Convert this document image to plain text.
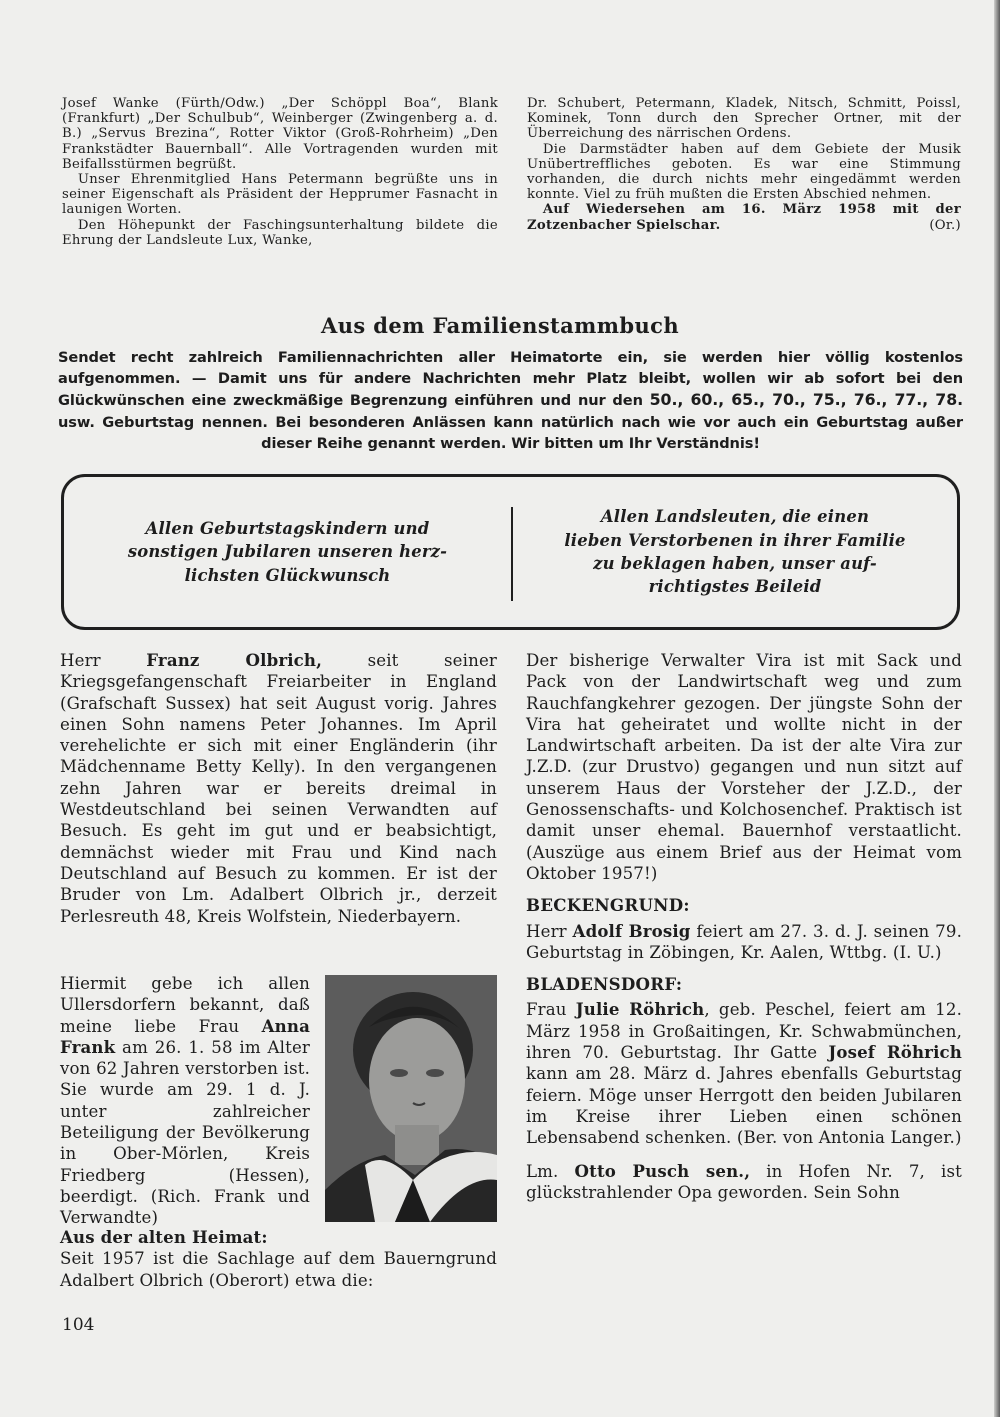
Josef Wanke (Fürth/Odw.) „Der Schöppl Boa“, Blank (Frankfurt) „Der Schulbub“, Weinberger (Zwingenberg a. d. B.) „Servus Brezina“, Rotter Viktor (Groß-Rohrheim) „Den Frankstädter Bauernball“. Alle Vortragenden wurden mit Beifallsstürmen begrüßt.

Unser Ehrenmitglied Hans Petermann begrüßte uns in seiner Eigenschaft als Präsident der Hepprumer Fasnacht in launigen Worten.

Den Höhepunkt der Faschingsunterhaltung bildete die Ehrung der Landsleute Lux, Wanke,

Dr. Schubert, Petermann, Kladek, Nitsch, Schmitt, Poissl, Kominek, Tonn durch den Sprecher Ortner, mit der Überreichung des närrischen Ordens.

Die Darmstädter haben auf dem Gebiete der Musik Unübertreffliches geboten. Es war eine Stimmung vorhanden, die durch nichts mehr eingedämmt werden konnte. Viel zu früh mußten die Ersten Abschied nehmen.

Auf Wiedersehen am 16. März 1958 mit der Zotzenbacher Spielschar.	(Or.)

Aus dem Familienstammbuch
Sendet recht zahlreich Familiennachrichten aller Heimatorte ein, sie werden hier völlig kostenlos aufgenommen. — Damit uns für andere Nachrichten mehr Platz bleibt, wollen wir ab sofort bei den Glückwünschen eine zweckmäßige Begrenzung einführen und nur den 50., 60., 65., 70., 75., 76., 77., 78. usw. Geburtstag nennen. Bei besonderen Anlässen kann natürlich nach wie vor auch ein Geburtstag außer dieser Reihe genannt werden. Wir bitten um Ihr Verständnis!
Allen Geburtstagskindern und
sonstigen Jubilaren unseren herz-
lichsten Glückwunsch
Allen Landsleuten, die einen
lieben Verstorbenen in ihrer Familie
zu beklagen haben, unser auf-
richtigstes Beileid

Herr Franz Olbrich, seit seiner Kriegsgefangenschaft Freiarbeiter in England (Grafschaft Sussex) hat seit August vorig. Jahres einen Sohn namens Peter Johannes. Im April verehelichte er sich mit einer Engländerin (ihr Mädchenname Betty Kelly). In den vergangenen zehn Jahren war er bereits dreimal in Westdeutschland bei seinen Verwandten auf Besuch. Es geht im gut und er beabsichtigt, demnächst wieder mit Frau und Kind nach Deutschland auf Besuch zu kommen. Er ist der Bruder von Lm. Adalbert Olbrich jr., derzeit Perlesreuth 48, Kreis Wolfstein, Niederbayern.

Hiermit gebe ich allen Ullersdorfern bekannt, daß meine liebe Frau Anna Frank am 26. 1. 58 im Alter von 62 Jahren verstorben ist. Sie wurde am 29. 1 d. J. unter zahlreicher Beteiligung der Bevölkerung in Ober-Mörlen, Kreis Friedberg (Hessen), beerdigt. (Rich. Frank und Verwandte)

Aus der alten Heimat:

Seit 1957 ist die Sachlage auf dem Bauerngrund Adalbert Olbrich (Oberort) etwa die:

Der bisherige Verwalter Vira ist mit Sack und Pack von der Landwirtschaft weg und zum Rauchfangkehrer gezogen. Der jüngste Sohn der Vira hat geheiratet und wollte nicht in der Landwirtschaft arbeiten. Da ist der alte Vira zur J.Z.D. (zur Drustvo) gegangen und nun sitzt auf unserem Haus der Vorsteher der J.Z.D., der Genossenschafts- und Kolchosenchef. Praktisch ist damit unser ehemal. Bauernhof verstaatlicht. (Auszüge aus einem Brief aus der Heimat vom Oktober 1957!)

BECKENGRUND:

Herr Adolf Brosig feiert am 27. 3. d. J. seinen 79. Geburtstag in Zöbingen, Kr. Aalen, Wttbg. (I. U.)

BLADENSDORF:

Frau Julie Röhrich, geb. Peschel, feiert am 12. März 1958 in Großaitingen, Kr. Schwabmünchen, ihren 70. Geburtstag. Ihr Gatte Josef Röhrich kann am 28. März d. Jahres ebenfalls Geburtstag feiern. Möge unser Herrgott den beiden Jubilaren im Kreise ihrer Lieben einen schönen Lebensabend schenken. (Ber. von Antonia Langer.)

Lm. Otto Pusch sen., in Hofen Nr. 7, ist glückstrahlender Opa geworden. Sein Sohn

104
